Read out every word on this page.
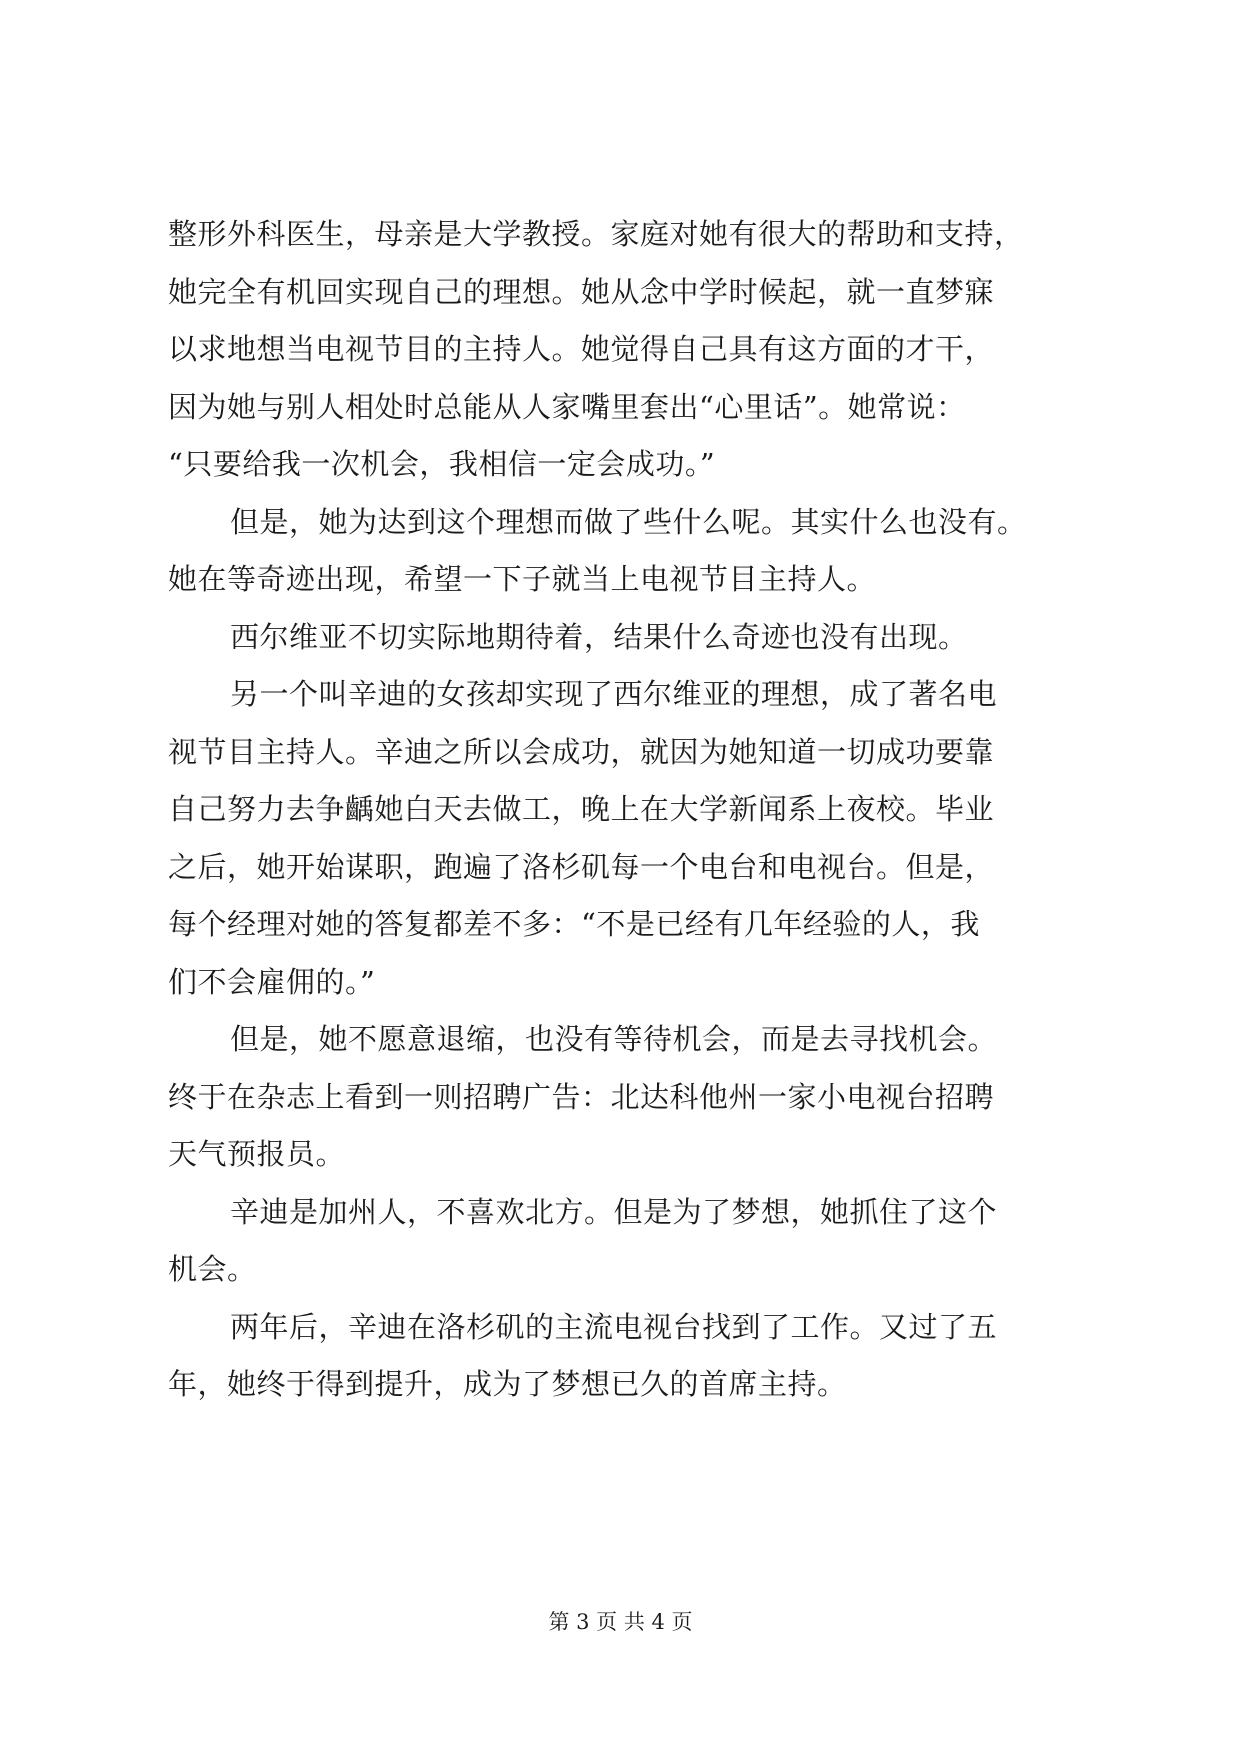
整形外科医生，母亲是大学教授。家庭对她有很大的帮助和支持，
她完全有机回实现自己的理想。她从念中学时候起，就一直梦寐
以求地想当电视节目的主持人。她觉得自己具有这方面的才干，
因为她与别人相处时总能从人家嘴里套出“心里话”。她常说：
“只要给我一次机会，我相信一定会成功。”
但是，她为达到这个理想而做了些什么呢。其实什么也没有。
她在等奇迹出现，希望一下子就当上电视节目主持人。
西尔维亚不切实际地期待着，结果什么奇迹也没有出现。
另一个叫辛迪的女孩却实现了西尔维亚的理想，成了著名电
视节目主持人。辛迪之所以会成功，就因为她知道一切成功要靠
自己努力去争齲她白天去做工，晚上在大学新闻系上夜校。毕业
之后，她开始谋职，跑遍了洛杉矶每一个电台和电视台。但是，
每个经理对她的答复都差不多：“不是已经有几年经验的人，我
们不会雇佣的。”
但是，她不愿意退缩，也没有等待机会，而是去寻找机会。
终于在杂志上看到一则招聘广告：北达科他州一家小电视台招聘
天气预报员。
辛迪是加州人，不喜欢北方。但是为了梦想，她抓住了这个
机会。
两年后，辛迪在洛杉矶的主流电视台找到了工作。又过了五
年，她终于得到提升，成为了梦想已久的首席主持。
第 3 页 共 4 页
